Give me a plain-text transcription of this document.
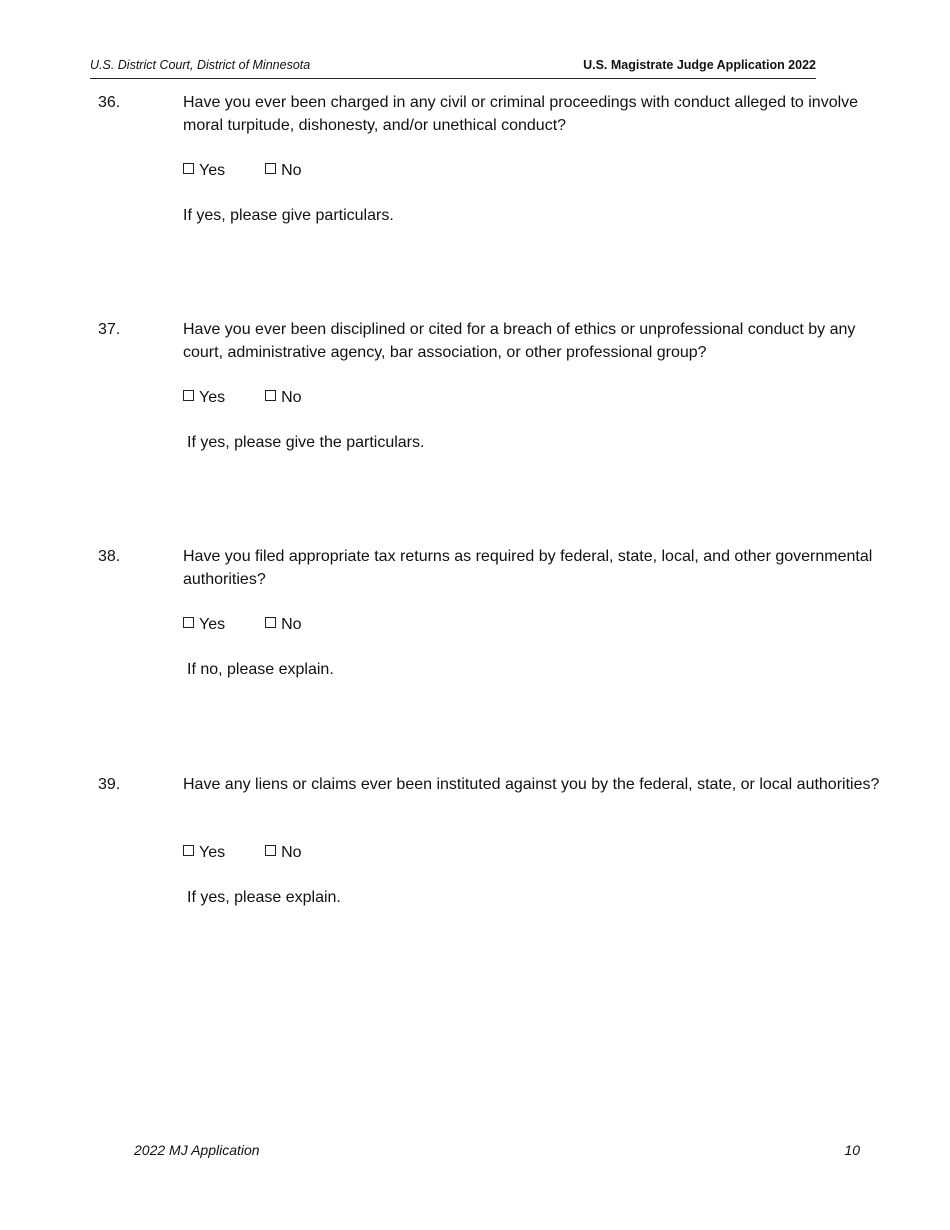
U.S. District Court, District of Minnesota	U.S. Magistrate Judge Application 2022
36.	Have you ever been charged in any civil or criminal proceedings with conduct alleged to involve moral turpitude, dishonesty, and/or unethical conduct?
Yes	No
If yes, please give particulars.
37.	Have you ever been disciplined or cited for a breach of ethics or unprofessional conduct by any court, administrative agency, bar association, or other professional group?
Yes	No
If yes, please give the particulars.
38.	Have you filed appropriate tax returns as required by federal, state, local, and other governmental authorities?
Yes	No
If no, please explain.
39.	Have any liens or claims ever been instituted against you by the federal, state, or local authorities?
Yes	No
If yes, please explain.
2022 MJ Application	10
